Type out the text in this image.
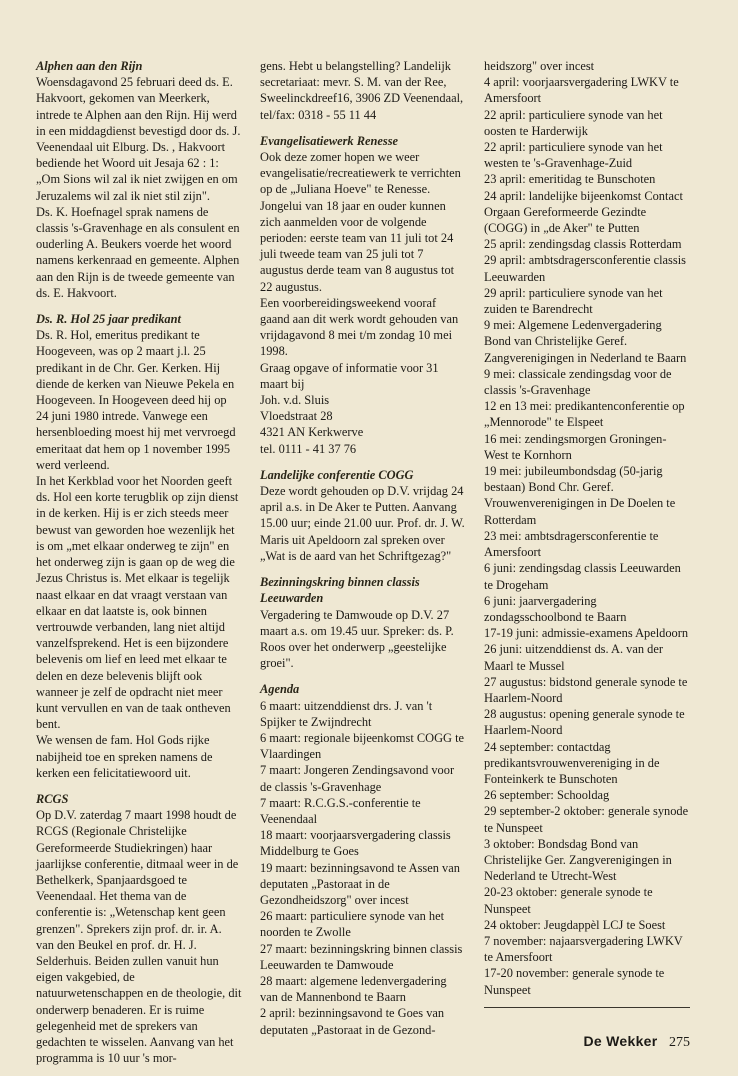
Alphen aan den Rijn

Woensdagavond 25 februari deed ds. E. Hakvoort, gekomen van Meerkerk, intrede te Alphen aan den Rijn. Hij werd in een middagdienst bevestigd door ds. J. Veenendaal uit Elburg. Ds. , Hakvoort bediende het Woord uit Jesaja 62 : 1: „Om Sions wil zal ik niet zwijgen en om Jeruzalems wil zal ik niet stil zijn".

Ds. K. Hoefnagel sprak namens de classis 's-Gravenhage en als consulent en ouderling A. Beukers voerde het woord namens kerkenraad en gemeente. Alphen aan den Rijn is de tweede gemeente van ds. E. Hakvoort.

Ds. R. Hol 25 jaar predikant

Ds. R. Hol, emeritus predikant te Hoogeveen, was op 2 maart j.l. 25 predikant in de Chr. Ger. Kerken. Hij diende de kerken van Nieuwe Pekela en Hoogeveen. In Hoogeveen deed hij op 24 juni 1980 intrede. Vanwege een hersenbloeding moest hij met vervroegd emeritaat dat hem op 1 november 1995 werd verleend.

In het Kerkblad voor het Noorden geeft ds. Hol een korte terugblik op zijn dienst in de kerken. Hij is er zich steeds meer bewust van geworden hoe wezenlijk het is om „met elkaar onderweg te zijn" en het onderweg zijn is gaan op de weg die Jezus Christus is. Met elkaar is tegelijk naast elkaar en dat vraagt verstaan van elkaar en dat laatste is, ook binnen vertrouwde verbanden, lang niet altijd vanzelfsprekend. Het is een bijzondere belevenis om lief en leed met elkaar te delen en deze belevenis blijft ook wanneer je zelf de opdracht niet meer kunt vervullen en van de taak ontheven bent.

We wensen de fam. Hol Gods rijke nabijheid toe en spreken namens de kerken een felicitatiewoord uit.

RCGS

Op D.V. zaterdag 7 maart 1998 houdt de RCGS (Regionale Christelijke Gereformeerde Studiekringen) haar jaarlijkse conferentie, ditmaal weer in de Bethelkerk, Spanjaardsgoed te Veenendaal. Het thema van de conferentie is: „Wetenschap kent geen grenzen". Sprekers zijn prof. dr. ir. A. van den Beukel en prof. dr. H. J. Selderhuis. Beiden zullen vanuit hun eigen vakgebied, de natuurwetenschappen en de theologie, dit onderwerp benaderen. Er is ruime gelegenheid met de sprekers van gedachten te wisselen. Aanvang van het programma is 10 uur 's mor-

gens. Hebt u belangstelling? Landelijk secretariaat: mevr. S. M. van der Ree, Sweelinckdreef16, 3906 ZD Veenendaal, tel/fax: 0318 - 55 11 44

Evangelisatiewerk Renesse

Ook deze zomer hopen we weer evangelisatie/recreatiewerk te verrichten op de „Juliana Hoeve" te Renesse. Jongelui van 18 jaar en ouder kunnen zich aanmelden voor de volgende perioden: eerste team van 11 juli tot 24 juli tweede team van 25 juli tot 7 augustus derde team van 8 augustus tot 22 augustus.

Een voorbereidingsweekend vooraf gaand aan dit werk wordt gehouden van vrijdagavond 8 mei t/m zondag 10 mei 1998.

Graag opgave of informatie voor 31 maart bij

Joh. v.d. Sluis

Vloedstraat 28

4321 AN Kerkwerve

tel. 0111 - 41 37 76

Landelijke conferentie COGG

Deze wordt gehouden op D.V. vrijdag 24 april a.s. in De Aker te Putten. Aanvang 15.00 uur; einde 21.00 uur. Prof. dr. J. W. Maris uit Apeldoorn zal spreken over „Wat is de aard van het Schriftgezag?"

Bezinningskring binnen classis Leeuwarden

Vergadering te Damwoude op D.V. 27 maart a.s. om 19.45 uur. Spreker: ds. P. Roos over het onderwerp „geestelijke groei".

Agenda

6 maart: uitzenddienst drs. J. van 't Spijker te Zwijndrecht

6 maart: regionale bijeenkomst COGG te Vlaardingen

7 maart: Jongeren Zendingsavond voor de classis 's-Gravenhage

7 maart: R.C.G.S.-conferentie te Veenendaal

18 maart: voorjaarsvergadering classis Middelburg te Goes

19 maart: bezinningsavond te Assen van deputaten „Pastoraat in de Gezondheidszorg" over incest

26 maart: particuliere synode van het noorden te Zwolle

27 maart: bezinningskring binnen classis Leeuwarden te Damwoude

28 maart: algemene ledenvergadering van de Mannenbond te Baarn

2 april: bezinningsavond te Goes van deputaten „Pastoraat in de Gezond-

heidszorg" over incest

4 april: voorjaarsvergadering LWKV te Amersfoort

22 april: particuliere synode van het oosten te Harderwijk

22 april: particuliere synode van het westen te 's-Gravenhage-Zuid

23 april: emeritidag te Bunschoten

24 april: landelijke bijeenkomst Contact Orgaan Gereformeerde Gezindte (COGG) in „de Aker" te Putten

25 april: zendingsdag classis Rotterdam

29 april: ambtsdragersconferentie classis Leeuwarden

29 april: particuliere synode van het zuiden te Barendrecht

9 mei: Algemene Ledenvergadering Bond van Christelijke Geref. Zangverenigingen in Nederland te Baarn

9 mei: classicale zendingsdag voor de classis 's-Gravenhage

12 en 13 mei: predikantenconferentie op „Mennorode" te Elspeet

16 mei: zendingsmorgen Groningen-West te Kornhorn

19 mei: jubileumbondsdag (50-jarig bestaan) Bond Chr. Geref. Vrouwenverenigingen in De Doelen te Rotterdam

23 mei: ambtsdragersconferentie te Amersfoort

6 juni: zendingsdag classis Leeuwarden te Drogeham

6 juni: jaarvergadering zondagsschoolbond te Baarn

17-19 juni: admissie-examens Apeldoorn

26 juni: uitzenddienst ds. A. van der Maarl te Mussel

27 augustus: bidstond generale synode te Haarlem-Noord

28 augustus: opening generale synode te Haarlem-Noord

24 september: contactdag predikantsvrouwenvereniging in de Fonteinkerk te Bunschoten

26 september: Schooldag

29 september-2 oktober: generale synode te Nunspeet

3 oktober: Bondsdag Bond van Christelijke Ger. Zangverenigingen in Nederland te Utrecht-West

20-23 oktober: generale synode te Nunspeet

24 oktober: Jeugdappèl LCJ te Soest

7 november: najaarsvergadering LWKV te Amersfoort

17-20 november: generale synode te Nunspeet

De Wekker 275
